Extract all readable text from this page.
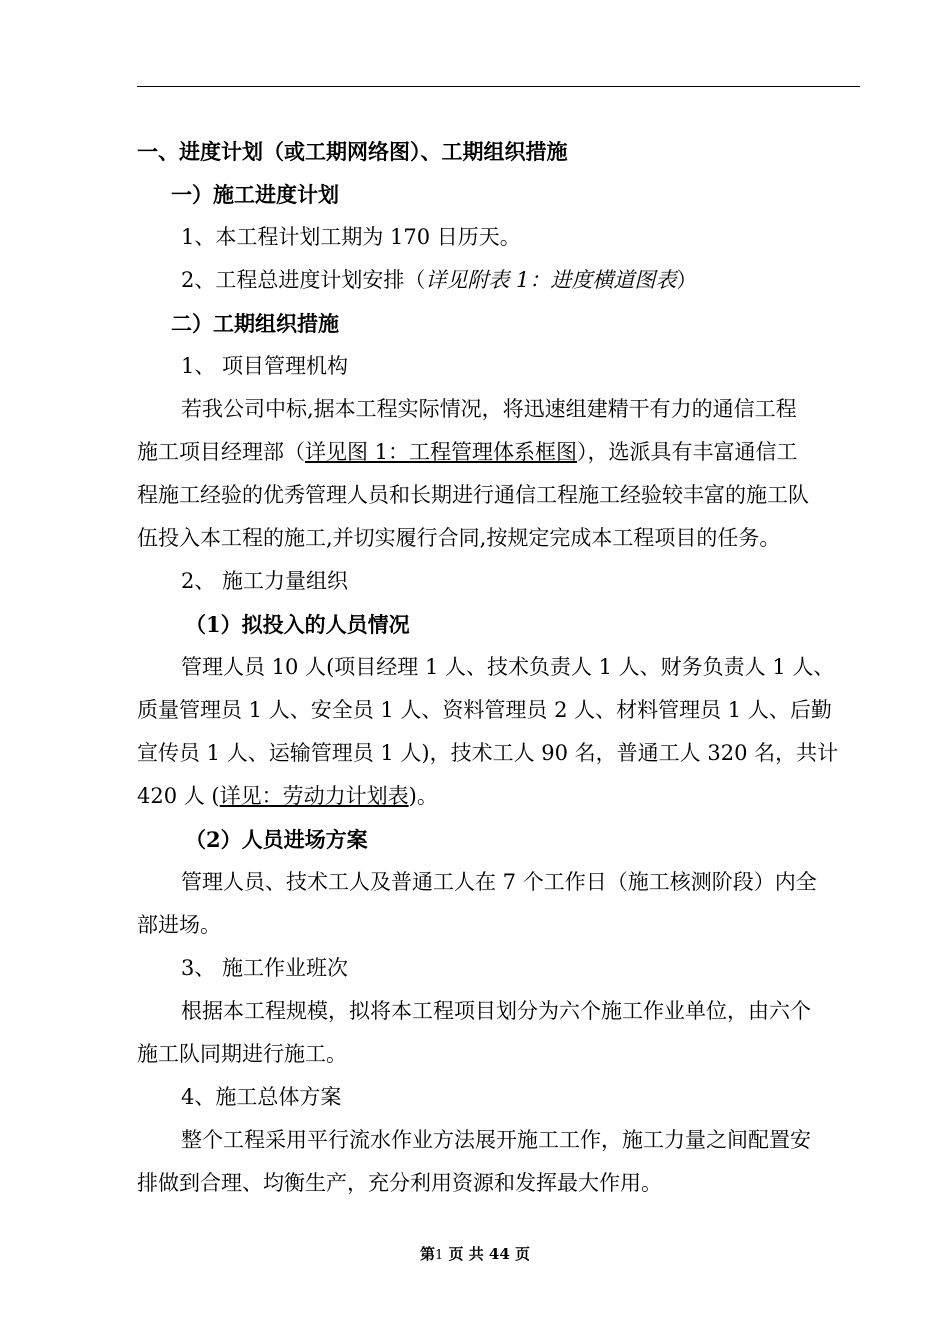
一、进度计划（或工期网络图）、工期组织措施
一）施工进度计划
1、本工程计划工期为 170 日历天。
2、工程总进度计划安排（详见附表 1：进度横道图表）
二）工期组织措施
1、 项目管理机构
若我公司中标,据本工程实际情况，将迅速组建精干有力的通信工程
施工项目经理部（详见图 1：工程管理体系框图），选派具有丰富通信工
程施工经验的优秀管理人员和长期进行通信工程施工经验较丰富的施工队
伍投入本工程的施工,并切实履行合同,按规定完成本工程项目的任务。
2、 施工力量组织
（1）拟投入的人员情况
管理人员 10 人(项目经理 1 人、技术负责人 1 人、财务负责人 1 人、
质量管理员 1 人、安全员 1 人、资料管理员 2 人、材料管理员 1 人、后勤
宣传员 1 人、运输管理员 1 人)，技术工人 90 名，普通工人 320 名，共计
420 人 (详见：劳动力计划表)。
（2）人员进场方案
管理人员、技术工人及普通工人在 7 个工作日（施工核测阶段）内全
部进场。
3、 施工作业班次
根据本工程规模，拟将本工程项目划分为六个施工作业单位，由六个
施工队同期进行施工。
4、施工总体方案
整个工程采用平行流水作业方法展开施工工作，施工力量之间配置安
排做到合理、均衡生产，充分利用资源和发挥最大作用。
第1 页 共 44 页
